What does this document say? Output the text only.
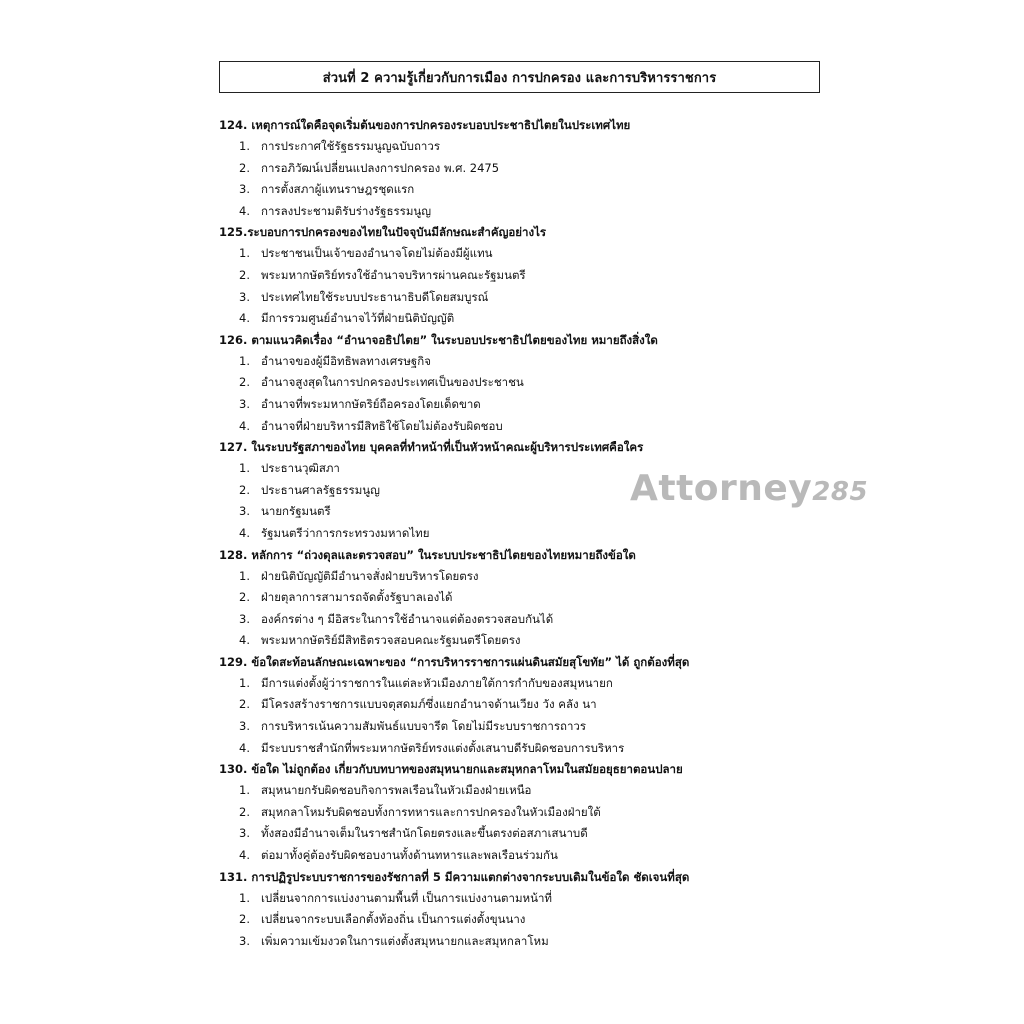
ส่วนที่ 2 ความรู้เกี่ยวกับการเมือง การปกครอง และการบริหารราชการ
124. เหตุการณ์ใดคือจุดเริ่มต้นของการปกครองระบอบประชาธิปไตยในประเทศไทย
1. การประกาศใช้รัฐธรรมนูญฉบับถาวร
2. การอภิวัฒน์เปลี่ยนแปลงการปกครอง พ.ศ. 2475
3. การตั้งสภาผู้แทนราษฎรชุดแรก
4. การลงประชามติรับร่างรัฐธรรมนูญ
125.ระบอบการปกครองของไทยในปัจจุบันมีลักษณะสำคัญอย่างไร
1. ประชาชนเป็นเจ้าของอำนาจโดยไม่ต้องมีผู้แทน
2. พระมหากษัตริย์ทรงใช้อำนาจบริหารผ่านคณะรัฐมนตรี
3. ประเทศไทยใช้ระบบประธานาธิบดีโดยสมบูรณ์
4. มีการรวมศูนย์อำนาจไว้ที่ฝ่ายนิติบัญญัติ
126. ตามแนวคิดเรื่อง “อำนาจอธิปไตย” ในระบอบประชาธิปไตยของไทย หมายถึงสิ่งใด
1. อำนาจของผู้มีอิทธิพลทางเศรษฐกิจ
2. อำนาจสูงสุดในการปกครองประเทศเป็นของประชาชน
3. อำนาจที่พระมหากษัตริย์ถือครองโดยเด็ดขาด
4. อำนาจที่ฝ่ายบริหารมีสิทธิใช้โดยไม่ต้องรับผิดชอบ
127. ในระบบรัฐสภาของไทย บุคคลที่ทำหน้าที่เป็นหัวหน้าคณะผู้บริหารประเทศคือใคร
1. ประธานวุฒิสภา
2. ประธานศาลรัฐธรรมนูญ
3. นายกรัฐมนตรี
4. รัฐมนตรีว่าการกระทรวงมหาดไทย
128. หลักการ “ถ่วงดุลและตรวจสอบ” ในระบบประชาธิปไตยของไทยหมายถึงข้อใด
1. ฝ่ายนิติบัญญัติมีอำนาจสั่งฝ่ายบริหารโดยตรง
2. ฝ่ายตุลาการสามารถจัดตั้งรัฐบาลเองได้
3. องค์กรต่าง ๆ มีอิสระในการใช้อำนาจแต่ต้องตรวจสอบกันได้
4. พระมหากษัตริย์มีสิทธิตรวจสอบคณะรัฐมนตรีโดยตรง
129. ข้อใดสะท้อนลักษณะเฉพาะของ “การบริหารราชการแผ่นดินสมัยสุโขทัย” ได้ ถูกต้องที่สุด
1. มีการแต่งตั้งผู้ว่าราชการในแต่ละหัวเมืองภายใต้การกำกับของสมุหนายก
2. มีโครงสร้างราชการแบบจตุสดมภ์ซึ่งแยกอำนาจด้านเวียง วัง คลัง นา
3. การบริหารเน้นความสัมพันธ์แบบจารีต โดยไม่มีระบบราชการถาวร
4. มีระบบราชสำนักที่พระมหากษัตริย์ทรงแต่งตั้งเสนาบดีรับผิดชอบการบริหาร
130. ข้อใด ไม่ถูกต้อง เกี่ยวกับบทบาทของสมุหนายกและสมุหกลาโหมในสมัยอยุธยาตอนปลาย
1. สมุหนายกรับผิดชอบกิจการพลเรือนในหัวเมืองฝ่ายเหนือ
2. สมุหกลาโหมรับผิดชอบทั้งการทหารและการปกครองในหัวเมืองฝ่ายใต้
3. ทั้งสองมีอำนาจเต็มในราชสำนักโดยตรงและขึ้นตรงต่อสภาเสนาบดี
4. ต่อมาทั้งคู่ต้องรับผิดชอบงานทั้งด้านทหารและพลเรือนร่วมกัน
131. การปฏิรูประบบราชการของรัชกาลที่ 5 มีความแตกต่างจากระบบเดิมในข้อใด ชัดเจนที่สุด
1. เปลี่ยนจากการแบ่งงานตามพื้นที่ เป็นการแบ่งงานตามหน้าที่
2. เปลี่ยนจากระบบเลือกตั้งท้องถิ่น เป็นการแต่งตั้งขุนนาง
3. เพิ่มความเข้มงวดในการแต่งตั้งสมุหนายกและสมุหกลาโหม
Attorney285
